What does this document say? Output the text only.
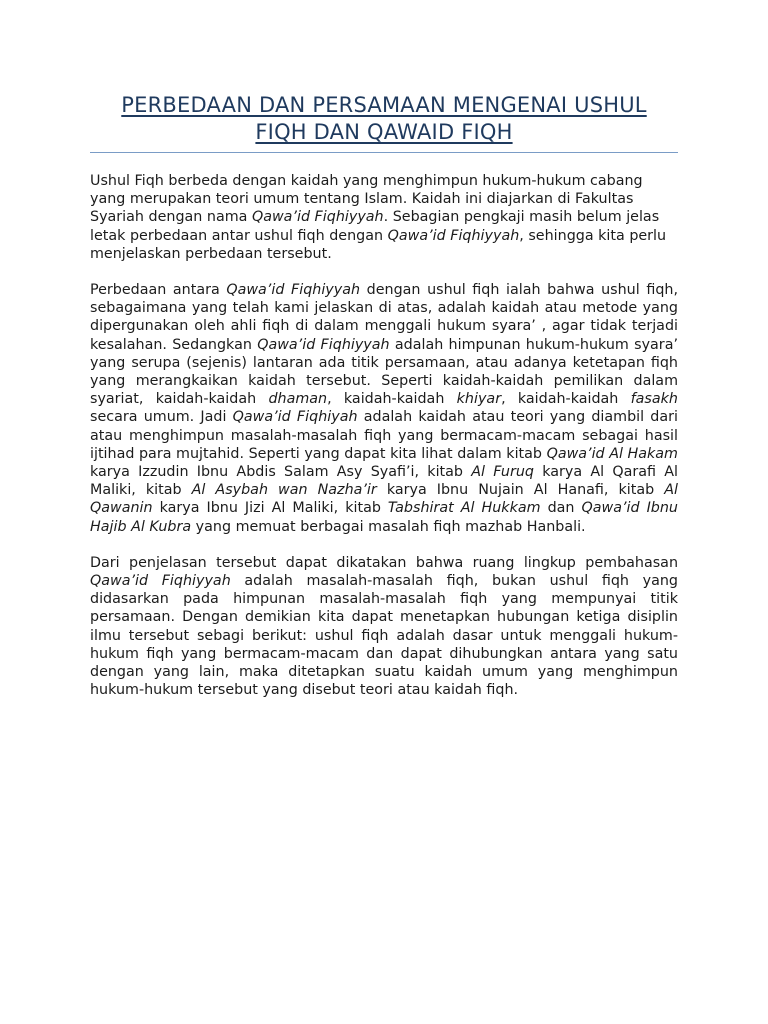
PERBEDAAN DAN PERSAMAAN MENGENAI USHUL
FIQH DAN QAWAID FIQH

Ushul Fiqh berbeda dengan kaidah yang menghimpun hukum-hukum cabang yang merupakan teori umum tentang Islam. Kaidah ini diajarkan di Fakultas Syariah dengan nama Qawa’id Fiqhiyyah. Sebagian pengkaji masih belum jelas letak perbedaan antar ushul fiqh dengan Qawa’id Fiqhiyyah, sehingga kita perlu menjelaskan perbedaan tersebut.

Perbedaan antara Qawa’id Fiqhiyyah dengan ushul fiqh ialah bahwa ushul fiqh, sebagaimana yang telah kami jelaskan di atas, adalah kaidah atau metode yang dipergunakan oleh ahli fiqh di dalam menggali hukum syara’ , agar tidak terjadi kesalahan. Sedangkan Qawa’id Fiqhiyyah adalah himpunan hukum-hukum syara’ yang serupa (sejenis) lantaran ada titik persamaan, atau adanya ketetapan fiqh yang merangkaikan kaidah tersebut. Seperti kaidah-kaidah pemilikan dalam syariat, kaidah-kaidah dhaman, kaidah-kaidah khiyar, kaidah-kaidah fasakh secara umum. Jadi Qawa’id Fiqhiyah adalah kaidah atau teori yang diambil dari atau menghimpun masalah-masalah fiqh yang bermacam-macam sebagai hasil ijtihad para mujtahid. Seperti yang dapat kita lihat dalam kitab Qawa’id Al Hakam karya Izzudin Ibnu Abdis Salam Asy Syafi’i, kitab Al Furuq karya Al Qarafi Al Maliki, kitab Al Asybah wan Nazha’ir karya Ibnu Nujain Al Hanafi, kitab Al Qawanin karya Ibnu Jizi Al Maliki, kitab Tabshirat Al Hukkam dan Qawa’id Ibnu Hajib Al Kubra yang memuat berbagai masalah fiqh mazhab Hanbali.

Dari penjelasan tersebut dapat dikatakan bahwa ruang lingkup pembahasan Qawa’id Fiqhiyyah adalah masalah-masalah fiqh, bukan ushul fiqh yang didasarkan pada himpunan masalah-masalah fiqh yang mempunyai titik persamaan. Dengan demikian kita dapat menetapkan hubungan ketiga disiplin ilmu tersebut sebagi berikut: ushul fiqh adalah dasar untuk menggali hukum-hukum fiqh yang bermacam-macam dan dapat dihubungkan antara yang satu dengan yang lain, maka ditetapkan suatu kaidah umum yang menghimpun hukum-hukum tersebut yang disebut teori atau kaidah fiqh.
